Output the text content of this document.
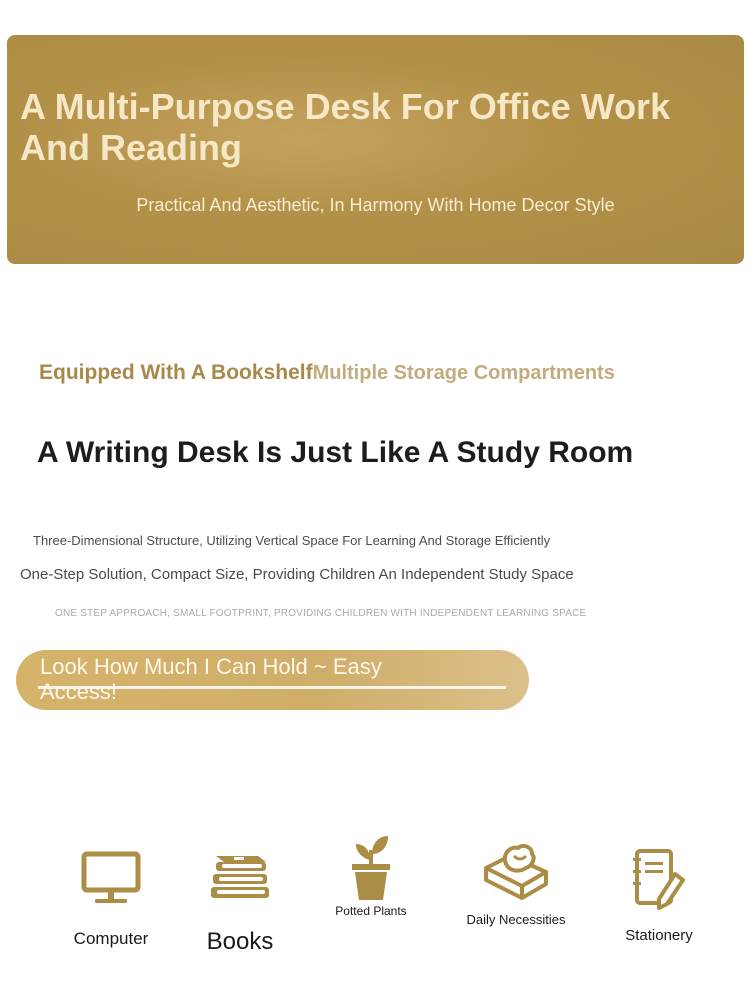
A Multi-Purpose Desk For Office Work And Reading
Practical And Aesthetic, In Harmony With Home Decor Style
Equipped With A BookshelfMultiple Storage Compartments
A Writing Desk Is Just Like A Study Room
Three-Dimensional Structure, Utilizing Vertical Space For Learning And Storage Efficiently
One-Step Solution, Compact Size, Providing Children An Independent Study Space
ONE STEP APPROACH, SMALL FOOTPRINT, PROVIDING CHILDREN WITH INDEPENDENT LEARNING SPACE
Look How Much I Can Hold ~ Easy Access!
Computer	Books
Potted Plants
Daily Necessities
Stationery
